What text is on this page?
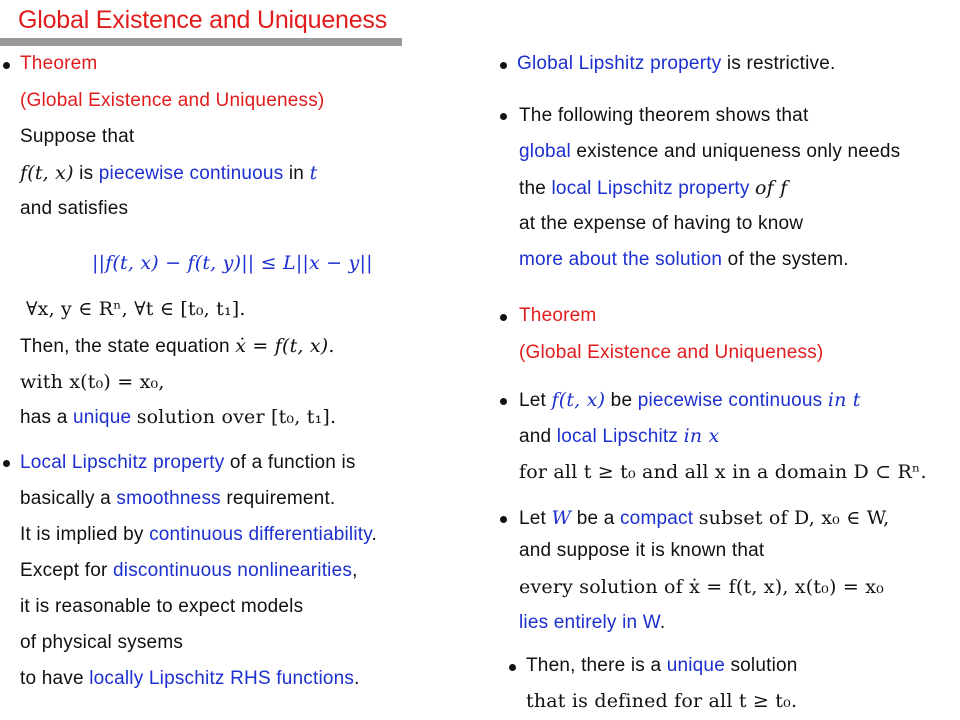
Global Existence and Uniqueness
Theorem
(Global Existence and Uniqueness)
Suppose that
f(t, x) is piecewise continuous in t
and satisfies
||f(t, x) − f(t, y)|| ≤ L||x − y||
∀x, y ∈ Rⁿ, ∀t ∈ [t₀, t₁].
Then, the state equation ẋ = f(t, x).
with x(t₀) = x₀,
has a unique solution over [t₀, t₁].
Local Lipschitz property of a function is
basically a smoothness requirement.
It is implied by continuous differentiability.
Except for discontinuous nonlinearities,
it is reasonable to expect models
of physical sysems
to have locally Lipschitz RHS functions.
Global Lipshitz property is restrictive.
The following theorem shows that
global existence and uniqueness only needs
the local Lipschitz property of f
at the expense of having to know
more about the solution of the system.
Theorem
(Global Existence and Uniqueness)
Let f(t, x) be piecewise continuous in t
and local Lipschitz in x
for all t ≥ t₀ and all x in a domain D ⊂ Rⁿ.
Let W be a compact subset of D, x₀ ∈ W,
and suppose it is known that
every solution of ẋ = f(t, x), x(t₀) = x₀
lies entirely in W.
Then, there is a unique solution
that is defined for all t ≥ t₀.
